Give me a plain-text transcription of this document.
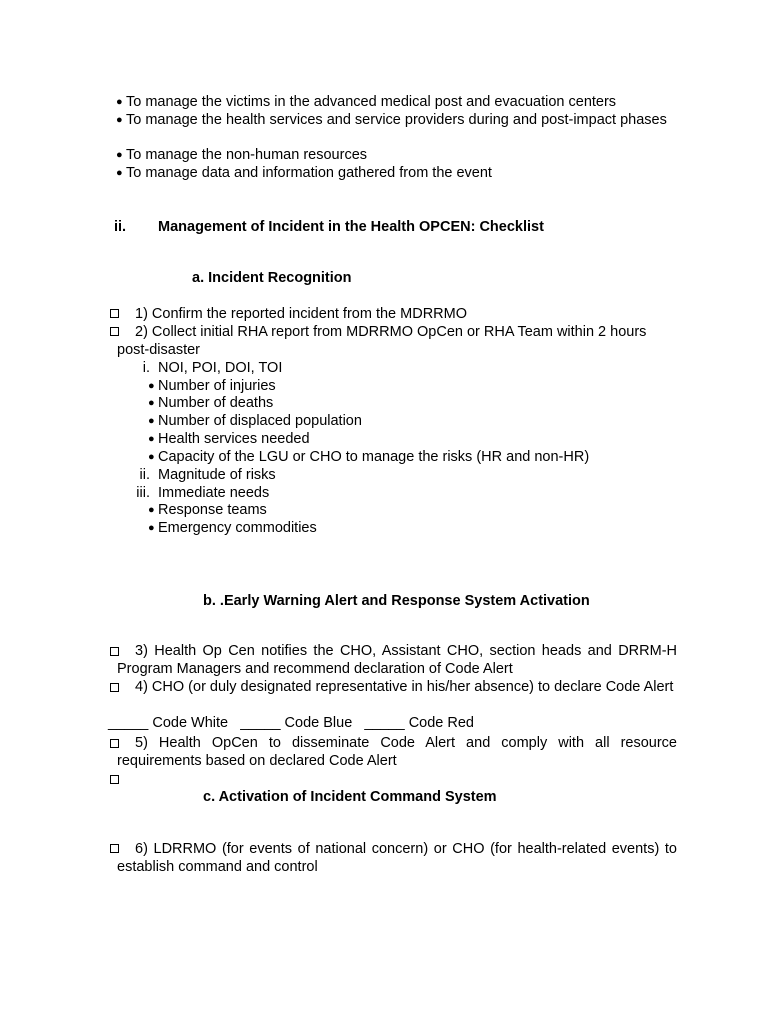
● To manage the victims in the advanced medical post and evacuation centers
● To manage the health services and service providers during and post-impact phases
● To manage the non-human resources
● To manage data and information gathered from the event
ii. Management of Incident in the Health OPCEN: Checklist
a. Incident Recognition
1) Confirm the reported incident from the MDRRMO
2) Collect initial RHA report from MDRRMO OpCen or RHA Team within 2 hours post-disaster
i. NOI, POI, DOI, TOI
● Number of injuries
● Number of deaths
● Number of displaced population
● Health services needed
● Capacity of the LGU or CHO to manage the risks (HR and non-HR)
ii. Magnitude of risks
iii. Immediate needs
● Response teams
● Emergency commodities
b. .Early Warning Alert and Response System Activation
3) Health Op Cen notifies the CHO, Assistant CHO, section heads and DRRM-H Program Managers and recommend declaration of Code Alert
4) CHO (or duly designated representative in his/her absence) to declare Code Alert
_____ Code White   _____ Code Blue   _____ Code Red
5) Health OpCen to disseminate Code Alert and comply with all resource requirements based on declared Code Alert
c. Activation of Incident Command System
6) LDRRMO (for events of national concern) or CHO (for health-related events) to establish command and control
